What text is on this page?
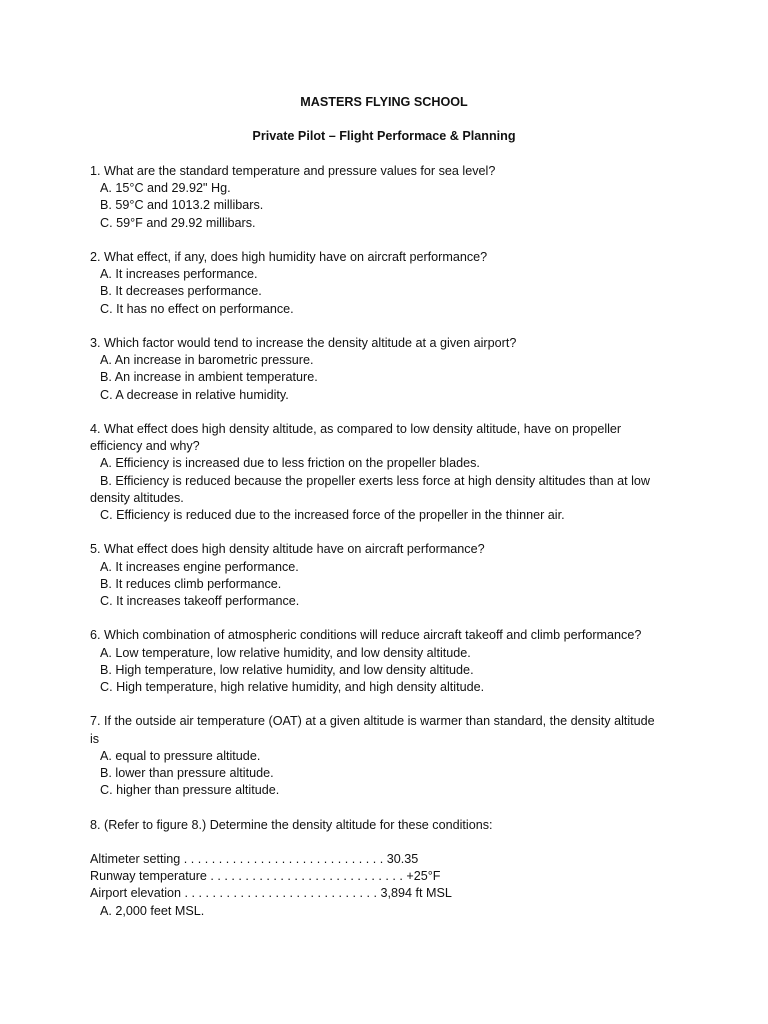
MASTERS FLYING SCHOOL
Private Pilot – Flight Performace & Planning

1. What are the standard temperature and pressure values for sea level?

A. 15°C and 29.92" Hg.

B. 59°C and 1013.2 millibars.

C. 59°F and 29.92 millibars.

2. What effect, if any, does high humidity have on aircraft performance?

A. It increases performance.

B. It decreases performance.

C. It has no effect on performance.

3. Which factor would tend to increase the density altitude at a given airport?

A. An increase in barometric pressure.

B. An increase in ambient temperature.

C. A decrease in relative humidity.

4. What effect does high density altitude, as compared to low density altitude, have on propeller

efficiency and why?

A. Efficiency is increased due to less friction on the propeller blades.

B. Efficiency is reduced because the propeller exerts less force at high density altitudes than at low

density altitudes.

C. Efficiency is reduced due to the increased force of the propeller in the thinner air.

5. What effect does high density altitude have on aircraft performance?

A. It increases engine performance.

B. It reduces climb performance.

C. It increases takeoff performance.

6. Which combination of atmospheric conditions will reduce aircraft takeoff and climb performance?

A. Low temperature, low relative humidity, and low density altitude.

B. High temperature, low relative humidity, and low density altitude.

C. High temperature, high relative humidity, and high density altitude.

7. If the outside air temperature (OAT) at a given altitude is warmer than standard, the density altitude

is

A. equal to pressure altitude.

B. lower than pressure altitude.

C. higher than pressure altitude.

8. (Refer to figure 8.) Determine the density altitude for these conditions:

Altimeter setting . . . . . . . . . . . . . . . . . . . . . . . . . . . . . 30.35

Runway temperature . . . . . . . . . . . . . . . . . . . . . . . . . . . . +25°F

Airport elevation . . . . . . . . . . . . . . . . . . . . . . . . . . . . 3,894 ft MSL

A. 2,000 feet MSL.
